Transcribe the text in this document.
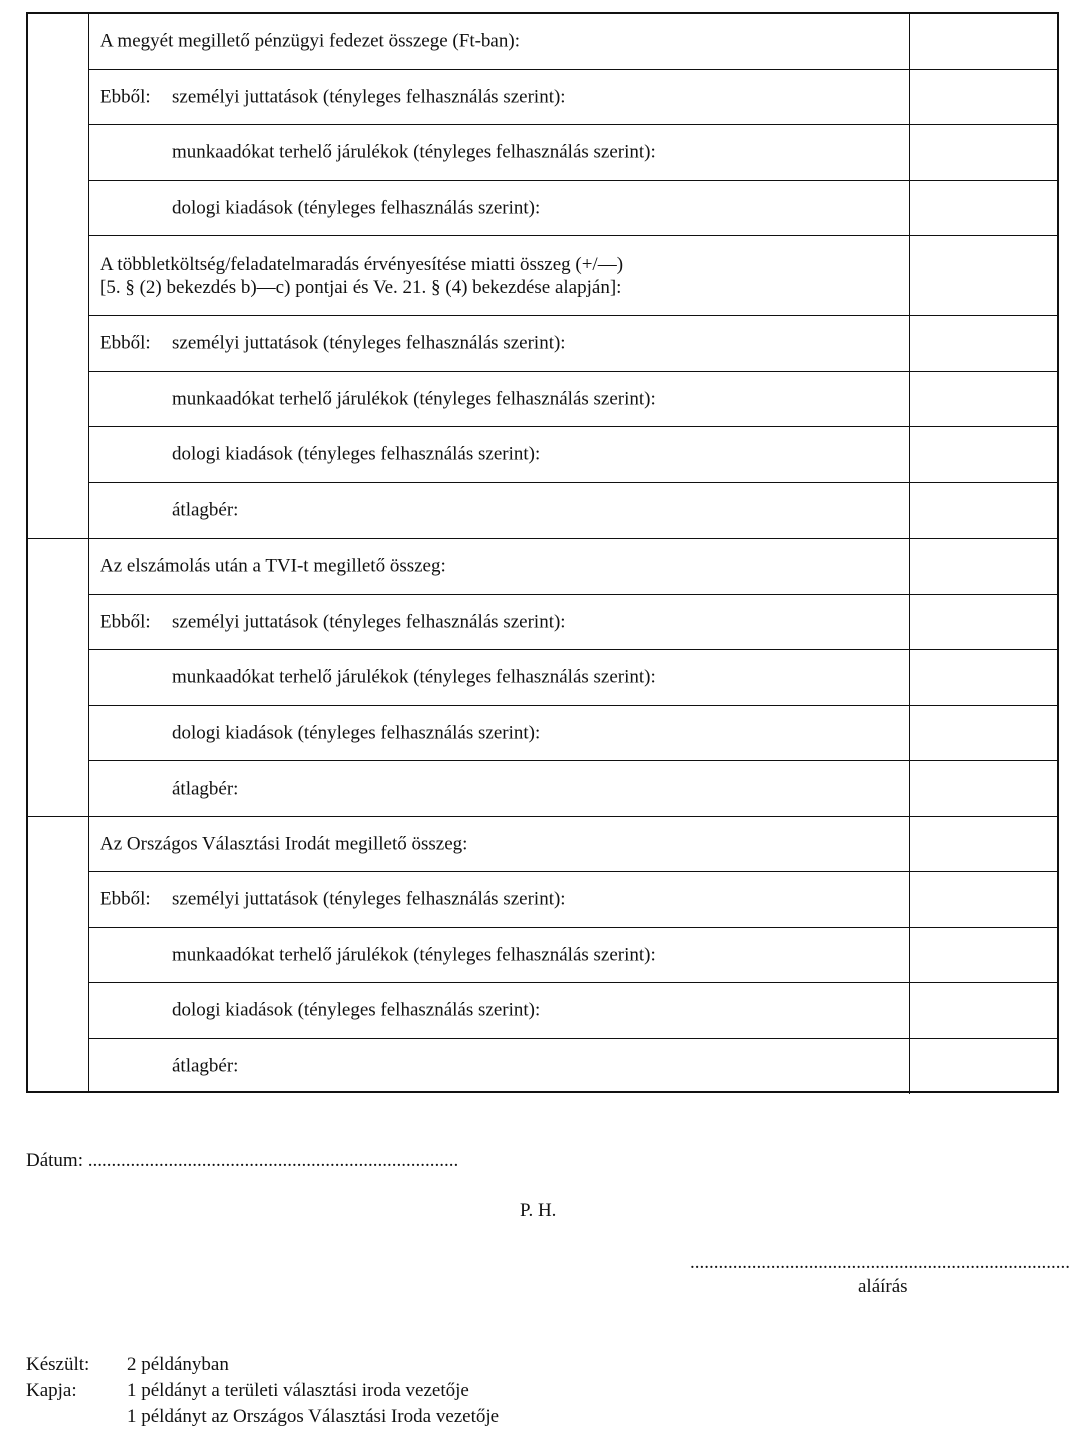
A megyét megillető pénzügyi fedezet összege (Ft-ban):
Ebből: személyi juttatások (tényleges felhasználás szerint):
munkaadókat terhelő járulékok (tényleges felhasználás szerint):
dologi kiadások (tényleges felhasználás szerint):
A többletköltség/feladatelmaradás érvényesítése miatti összeg (+/—)
[5. § (2) bekezdés b)—c) pontjai és Ve. 21. § (4) bekezdése alapján]:
Ebből: személyi juttatások (tényleges felhasználás szerint):
munkaadókat terhelő járulékok (tényleges felhasználás szerint):
dologi kiadások (tényleges felhasználás szerint):
átlagbér:
Az elszámolás után a TVI-t megillető összeg:
Ebből: személyi juttatások (tényleges felhasználás szerint):
munkaadókat terhelő járulékok (tényleges felhasználás szerint):
dologi kiadások (tényleges felhasználás szerint):
átlagbér:
Az Országos Választási Irodát megillető összeg:
Ebből: személyi juttatások (tényleges felhasználás szerint):
munkaadókat terhelő járulékok (tényleges felhasználás szerint):
dologi kiadások (tényleges felhasználás szerint):
átlagbér:
Dátum: ..............................................................................
P. H.
................................................................................
aláírás
Készült: 2 példányban
Kapja:	1 példányt a területi választási iroda vezetője
1 példányt az Országos Választási Iroda vezetője
